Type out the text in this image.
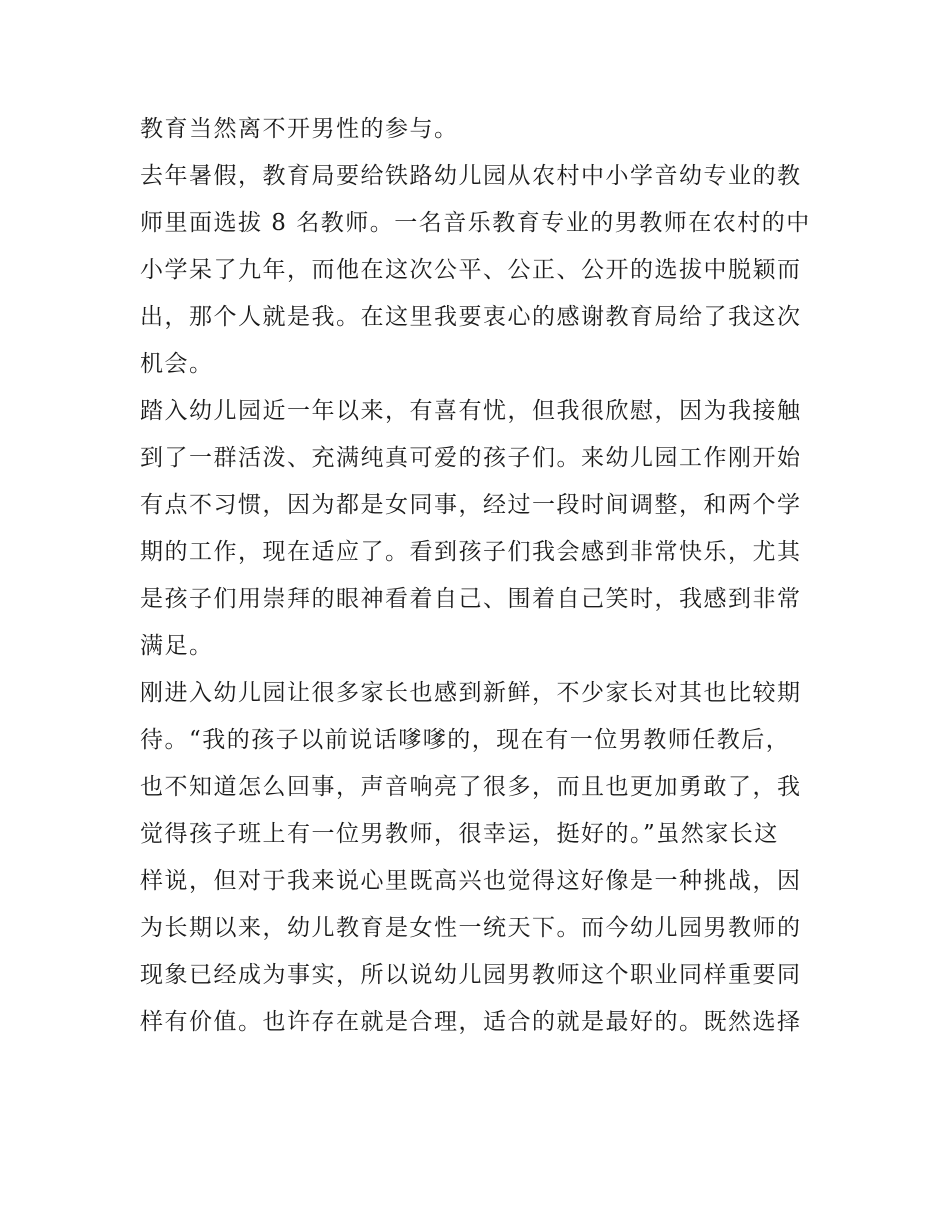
教育当然离不开男性的参与。
去年暑假，教育局要给铁路幼儿园从农村中小学音幼专业的教
师里面选拔 8 名教师。一名音乐教育专业的男教师在农村的中
小学呆了九年，而他在这次公平、公正、公开的选拔中脱颖而
出，那个人就是我。在这里我要衷心的感谢教育局给了我这次
机会。
踏入幼儿园近一年以来，有喜有忧，但我很欣慰，因为我接触
到了一群活泼、充满纯真可爱的孩子们。来幼儿园工作刚开始
有点不习惯，因为都是女同事，经过一段时间调整，和两个学
期的工作，现在适应了。看到孩子们我会感到非常快乐，尤其
是孩子们用崇拜的眼神看着自己、围着自己笑时，我感到非常
满足。
刚进入幼儿园让很多家长也感到新鲜，不少家长对其也比较期
待。“我的孩子以前说话嗲嗲的，现在有一位男教师任教后，
也不知道怎么回事，声音响亮了很多，而且也更加勇敢了，我
觉得孩子班上有一位男教师，很幸运，挺好的。”虽然家长这
样说，但对于我来说心里既高兴也觉得这好像是一种挑战，因
为长期以来，幼儿教育是女性一统天下。而今幼儿园男教师的
现象已经成为事实，所以说幼儿园男教师这个职业同样重要同
样有价值。也许存在就是合理，适合的就是最好的。既然选择
